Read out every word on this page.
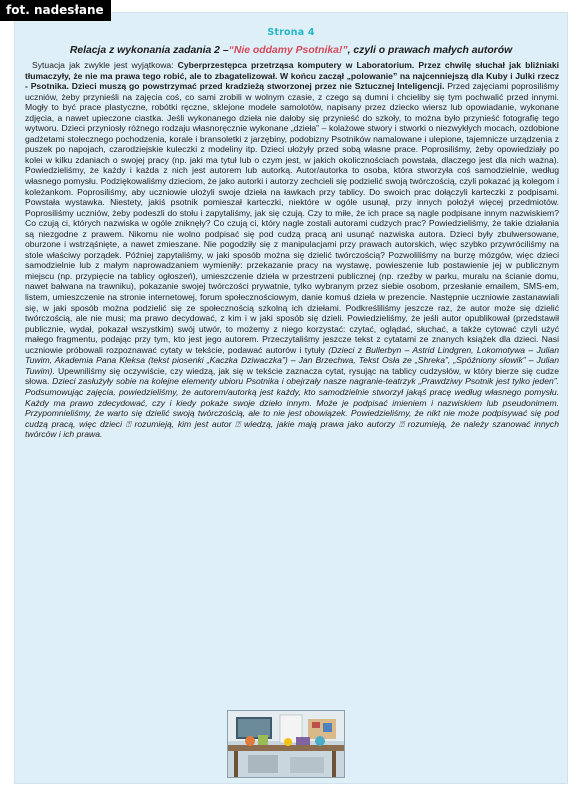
fot. nadesłane
Strona 4
Relacja z wykonania zadania 2 –“Nie oddamy Psotnika!”, czyli o prawach małych autorów

Sytuacja jak zwykle jest wyjątkowa: Cyberprzestępca przetrząsa komputery w Laboratorium. Przez chwilę słuchał jak bliźniaki tłumaczyły, że nie ma prawa tego robić, ale to zbagatelizował. W końcu zaczął „polowanie” na najcenniejszą dla Kuby i Julki rzecz - Psotnika. Dzieci muszą go powstrzymać przed kradzieżą stworzonej przez nie Sztucznej Inteligencji. Przed zajęciami poprosiliśmy uczniów, żeby przynieśli na zajęcia coś, co sami zrobili w wolnym czasie, z czego są dumni i chcieliby się tym pochwalić przed innymi. Mogły to być prace plastyczne, robótki ręczne, sklejone modele samolotów, napisany przez dziecko wiersz lub opowiadanie, wykonane zdjęcia, a nawet upieczone ciastka. Jeśli wykonanego dzieła nie dałoby się przynieść do szkoły, to można było przynieść fotografię tego wytworu. Dzieci przyniosły różnego rodzaju własnoręcznie wykonane „dzieła” – kolażowe stwory i stworki o niezwykłych mocach, ozdobione gadżetami stołecznego pochodzenia, korale i bransoletki z jarzębiny, podobizny Psotników namalowane i ulepione, tajemnicze urządzenia z puszek po napojach, czarodziejskie kuleczki z modeliny itp. Dzieci ułożyły przed sobą własne prace. Poprosiliśmy, żeby opowiedziały po kolei w kilku zdaniach o swojej pracy (np. jaki ma tytuł lub o czym jest, w jakich okolicznościach powstała, dlaczego jest dla nich ważna). Powiedzieliśmy, że każdy i każda z nich jest autorem lub autorką. Autor/autorka to osoba, która stworzyła coś samodzielnie, według własnego pomysłu. Podziękowaliśmy dzieciom, że jako autorki i autorzy zechcieli się podzielić swoją twórczością, czyli pokazać ją kolegom i koleżankom. Poprosiliśmy, aby uczniowie ułożyli swoje dzieła na ławkach przy tablicy. Do swoich prac dołączyli karteczki z podpisami. Powstała wystawka. Niestety, jakiś psotnik pomieszał karteczki, niektóre w ogóle usunął, przy innych położył więcej przedmiotów. Poprosiliśmy uczniów, żeby podeszli do stołu i zapytaliśmy, jak się czują. Czy to miłe, że ich prace są nagle podpisane innym nazwiskiem? Co czują ci, których nazwiska w ogóle zniknęły? Co czują ci, który nagle zostali autorami cudzych prac? Powiedzieliśmy, że takie działania są niezgodne z prawem. Nikomu nie wolno podpisać się pod cudzą pracą ani usunąć nazwiska autora. Dzieci były zbulwersowane, oburzone i wstrząśnięte, a nawet zmieszane. Nie pogodziły się z manipulacjami przy prawach autorskich, więc szybko przywróciliśmy na stole właściwy porządek. Później zapytaliśmy, w jaki sposób można się dzielić twórczością? Pozwoliliśmy na burzę mózgów, więc dzieci samodzielnie lub z małym naprowadzaniem wymieniły: przekazanie pracy na wystawę, powieszenie lub postawienie jej w publicznym miejscu (np. przypięcie na tablicy ogłoszeń), umieszczenie dzieła w przestrzeni publicznej (np. rzeźby w parku, muralu na ścianie domu, nawet bałwana na trawniku), pokazanie swojej twórczości prywatnie, tylko wybranym przez siebie osobom, przesłanie emailem, SMS-em, listem, umieszczenie na stronie internetowej, forum społecznościowym, danie komuś dzieła w prezencie. Następnie uczniowie zastanawiali się, w jaki sposób można podzielić się ze społecznością szkolną ich dziełami. Podkreśliliśmy jeszcze raz, że autor może się dzielić twórczością, ale nie musi; ma prawo decydować, z kim i w jaki sposób się dzieli. Powiedzieliśmy, że jeśli autor opublikował (przedstawił publicznie, wydał, pokazał wszystkim) swój utwór, to możemy z niego korzystać: czytać, oglądać, słuchać, a także cytować czyli użyć małego fragmentu, podając przy tym, kto jest jego autorem. Przeczytaliśmy jeszcze tekst z cytatami ze znanych książek dla dzieci. Nasi uczniowie próbowali rozpoznawać cytaty w tekście, podawać autorów i tytuły (Dzieci z Bullerbyn – Astrid Lindgren, Lokomotywa – Julian Tuwim, Akademia Pana Kleksa (tekst piosenki „Kaczka Dziwaczka”) – Jan Brzechwa, Tekst Osła ze „Shreka”, „Spóźniony słowik” – Julian Tuwim). Upewniliśmy się oczywiście, czy wiedzą, jak się w tekście zaznacza cytat, rysując na tablicy cudzysłów, w który bierze się cudze słowa. Dzieci zasłużyły sobie na kolejne elementy ubioru Psotnika i obejrzały nasze nagranie-teatrzyk „Prawdziwy Psotnik jest tylko jeden”. Podsumowując zajęcia, powiedzieliśmy, że autorem/autorką jest każdy, kto samodzielnie stworzył jakąś pracę według własnego pomysłu. Każdy ma prawo zdecydować, czy i kiedy pokaże swoje dzieło innym. Może je podpisać imieniem i nazwiskiem lub pseudonimem. Przypomnieliśmy, że warto się dzielić swoją twórczością, ale to nie jest obowiązek. Powiedzieliśmy, że nikt nie może podpisywać się pod cudzą pracą, więc dzieci ⍰ rozumieją, kim jest autor ⍰ wiedzą, jakie mają prawa jako autorzy ⍰ rozumieją, że należy szanować innych twórców i ich prawa.
